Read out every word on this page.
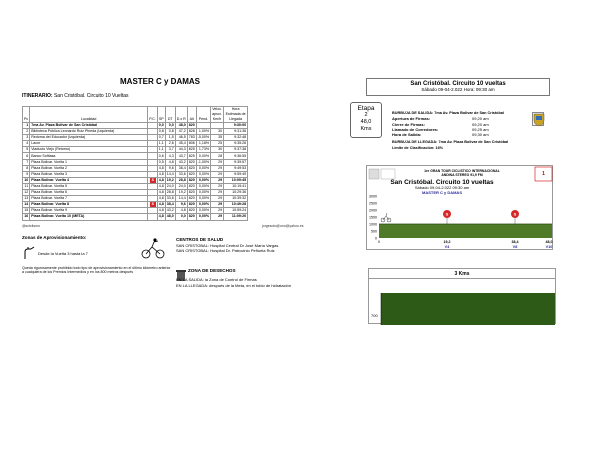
MASTER C y DAMAS
ITINERARIO: San Cristóbal. Circuito 10 Vueltas
Pc	Localidad	P.C.	SP	DT	D.x R	Alt	Pend.	Veloc. aprox. Km/h	Hora Estimada de Llegada
1	7ma Av. Plaza Bolivar de San Cristóbal		0,0	0,0	48,0	820			9:30:00
2	Biblioteca Pública Leonardo Ruiz Pineda (Izquierda)		0,8	0,8	47,2	828	1,00%	30	9:31:36
3	Redoma del Educador (Izquierda)		0,7	1,5	46,5	783	-5,00%	35	9:32:48
4	Lacor		1,1	2,6	45,4	806	1,18%	25	9:35:26
5	Viaducto Viejo (Retorno)		1,1	3,7	44,3	825	1,73%	30	9:37:38
6	Banco Sofitasa		0,6	4,3	43,7	825	0,00%	28	9:36:55
7	Plaza Bolivar. Vuelta 1		0,5	4,8	43,2	820	-1,00%	29	9:39:57
8	Plaza Bolivar. Vuelta 2		4,8	9,6	38,4	820	0,00%	29	9:49:53
9	Plaza Bolivar. Vuelta 3		4,8	14,4	33,6	820	0,00%	29	9:59:49
10	Plaza Bolivar. Vuelta 4	S	4,8	19,2	28,8	820	0,00%	29	10:09:45
11	Plaza Bolivar. Vuelta 5		4,8	24,0	24,0	820	0,00%	29	10:19:41
12	Plaza Bolivar. Vuelta 6		4,8	28,8	19,2	820	0,00%	29	10:29:36
13	Plaza Bolivar. Vuelta 7		4,8	33,6	14,4	820	0,00%	29	10:39:32
14	Plaza Bolivar. Vuelta 8	S	4,8	38,4	9,6	820	0,00%	29	10:49:28
15	Plaza Bolivar. Vuelta 9		4,8	43,2	4,8	820	0,00%	29	10:59:24
16	Plaza Bolivar. Vuelta 10 (META)		4,8	48,0	0,0	820	0,00%	29	11:09:20
@sctclismo	jorgesoto@uno@yahoo.es
Etapa
2
48,0
Kms
San Cristóbal. Circuito 10 vueltas
Sábado 09-04-2.022 Hora: 09:30 am
BURBUJA DE SALIDA: 7ma Av. Plaza Bolivar de San Cristóbal
Apertura de Firmas:	09,20 am
Cierre de Firmas:	09,20 am
Llamado de Corredores:	09,25 am
Hora de Salida:	09,30 am
BURBUJA DE LLEGADA: 7ma Av. Plaza Bolivar de San Cristóbal
Limite de Clasificación: 16%
1
1er GRAN TOUR CICLISTICO INTERNACIONAL
ANDINA STEREO 91,9 FM
San Cristóbal. Circuito 10 vueltas
Sábado 09-04-2.022 09:30 am
MASTER C y DAMAS
3000
2500
2000
1500
1000
500
0
S	S
0	19,2
V4
38,4
V8
48,0
V10
3 Kms
700
Zonas de Aprovisionamiento:
Desde la Vuelta 3 hasta la 7
Queda rigurosamente prohibido todo tipo de aprovisionamiento en el último kilómetro anterior a cualquiera de los Premios Intermedios y en los 800 metros después
CENTROS DE SALUD
SAN CRISTOBAL: Hospital Central Dr José María Vargas
SAN CRISTOBAL: Hospital Dr. Patrocinio Peñuela Ruiz
ZONA DE DESECHOS
EN LA SALIDA: la Zona de Control de Firmas
EN LA LLEGADA: después de la Meta, en el toldo de hidratación
